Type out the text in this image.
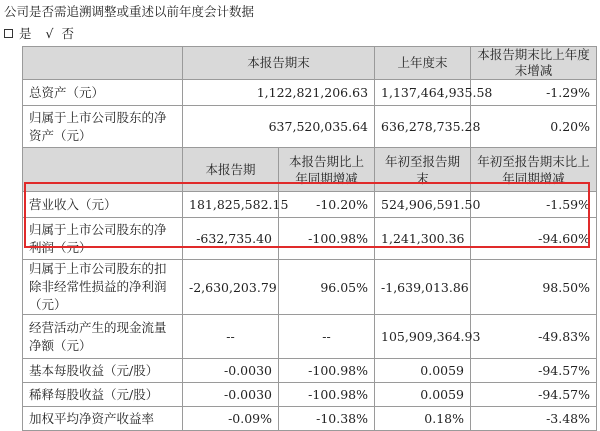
公司是否需追溯调整或重述以前年度会计数据
是 √ 否
	本报告期末		上年度末	本报告期末比上年度末增减
总资产（元）	1,122,821,206.63		1,137,464,935.58	-1.29%
归属于上市公司股东的净资产（元）	637,520,035.64		636,278,735.28	0.20%
	本报告期	本报告期比上年同期增减	年初至报告期末	年初至报告期末比上年同期增减
营业收入（元）	181,825,582.15	-10.20%	524,906,591.50	-1.59%
归属于上市公司股东的净利润（元）	-632,735.40	-100.98%	1,241,300.36	-94.60%
归属于上市公司股东的扣除非经常性损益的净利润（元）	-2,630,203.79	96.05%	-1,639,013.86	98.50%
经营活动产生的现金流量净额（元）	--	--	105,909,364.93	-49.83%
基本每股收益（元/股）	-0.0030	-100.98%	0.0059	-94.57%
稀释每股收益（元/股）	-0.0030	-100.98%	0.0059	-94.57%
加权平均净资产收益率	-0.09%	-10.38%	0.18%	-3.48%
